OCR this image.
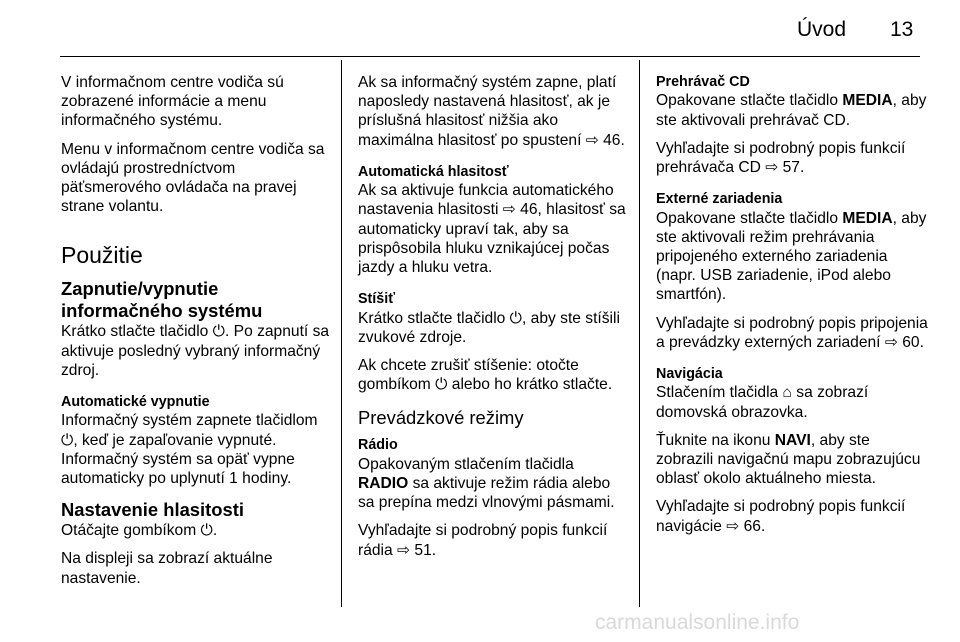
Úvod 13

V informačnom centre vodiča sú zobrazené informácie a menu informačného systému.

Menu v informačnom centre vodiča sa ovládajú prostredníctvom päťsmerového ovládača na pravej strane volantu.

Použitie
Zapnutie/vypnutie informačného systému

Krátko stlačte tlačidlo ⏻. Po zapnutí sa aktivuje posledný vybraný informačný zdroj.

Automatické vypnutie

Informačný systém zapnete tlačidlom ⏻, keď je zapaľovanie vypnuté. Informačný systém sa opäť vypne automaticky po uplynutí 1 hodiny.

Nastavenie hlasitosti

Otáčajte gombíkom ⏻.

Na displeji sa zobrazí aktuálne nastavenie.

Ak sa informačný systém zapne, platí naposledy nastavená hlasitosť, ak je príslušná hlasitosť nižšia ako maximálna hlasitosť po spustení ⇨ 46.

Automatická hlasitosť

Ak sa aktivuje funkcia automatického nastavenia hlasitosti ⇨ 46, hlasitosť sa automaticky upraví tak, aby sa prispôsobila hluku vznikajúcej počas jazdy a hluku vetra.

Stíšiť

Krátko stlačte tlačidlo ⏻, aby ste stíšili zvukové zdroje.

Ak chcete zrušiť stíšenie: otočte gombíkom ⏻ alebo ho krátko stlačte.

Prevádzkové režimy
Rádio

Opakovaným stlačením tlačidla
RADIO sa aktivuje režim rádia alebo sa prepína medzi vlnovými pásmami.

Vyhľadajte si podrobný popis funkcií rádia ⇨ 51.

Prehrávač CD

Opakovane stlačte tlačidlo MEDIA, aby ste aktivovali prehrávač CD.

Vyhľadajte si podrobný popis funkcií prehrávača CD ⇨ 57.

Externé zariadenia

Opakovane stlačte tlačidlo MEDIA, aby ste aktivovali režim prehrávania pripojeného externého zariadenia (napr. USB zariadenie, iPod alebo smartfón).

Vyhľadajte si podrobný popis pripojenia a prevádzky externých zariadení ⇨ 60.

Navigácia

Stlačením tlačidla ⌂ sa zobrazí domovská obrazovka.

Ťuknite na ikonu NAVI, aby ste zobrazili navigačnú mapu zobrazujúcu oblasť okolo aktuálneho miesta.

Vyhľadajte si podrobný popis funkcií navigácie ⇨ 66.

carmanualsonline.info
